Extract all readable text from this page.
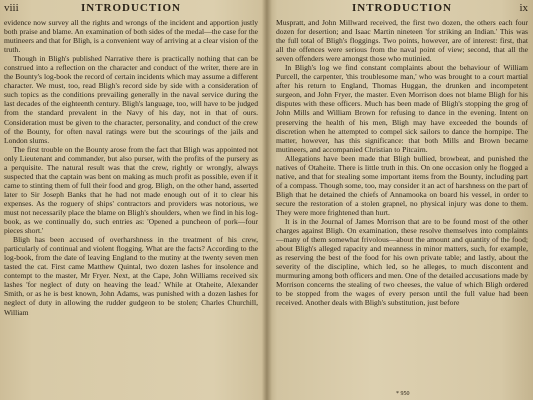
viii	INTRODUCTION

evidence now survey all the rights and wrongs of the incident and apportion justly both praise and blame. An examination of both sides of the medal—the case for the mutineers and that for Bligh, is a convenient way of arriving at a clear vision of the truth.

Though in Bligh's published Narrative there is practically nothing that can be construed into a reflection on the character and conduct of the writer, there are in the Bounty's log-book the record of certain incidents which may assume a different character. We must, too, read Bligh's record side by side with a consideration of such topics as the conditions prevailing generally in the naval service during the last decades of the eighteenth century. Bligh's language, too, will have to be judged from the standard prevalent in the Navy of his day, not in that of ours. Consideration must be given to the character, personality, and conduct of the crew of the Bounty, for often naval ratings were but the scourings of the jails and London slums.

The first trouble on the Bounty arose from the fact that Bligh was appointed not only Lieutenant and commander, but also purser, with the profits of the pursery as a perquisite. The natural result was that the crew, rightly or wrongly, always suspected that the captain was bent on making as much profit as possible, even if it came to stinting them of full their food and grog. Bligh, on the other hand, asserted later to Sir Joseph Banks that he had not made enough out of it to clear his expenses. As the roguery of ships' contractors and providers was notorious, we must not necessarily place the blame on Bligh's shoulders, when we find in his log-book, as we continually do, such entries as: 'Opened a puncheon of pork—four pieces short.'

Bligh has been accused of overharshness in the treatment of his crew, particularly of continual and violent flogging. What are the facts? According to the log-book, from the date of leaving England to the mutiny at the twenty seven men tasted the cat. First came Matthew Quintal, two dozen lashes for insolence and contempt to the master, Mr Fryer. Next, at the Cape, John Williams received six lashes 'for neglect of duty on heaving the lead.' While at Otaheite, Alexander Smith, or as he is best known, John Adams, was punished with a dozen lashes for neglect of duty in allowing the rudder gudgeon to be stolen; Charles Churchill, William

INTRODUCTION	ix

Muspratt, and John Millward received, the first two dozen, the others each four dozen for desertion; and Isaac Martin nineteen 'for striking an Indian.' This was the full total of Bligh's floggings. Two points, however, are of interest: first, that all the offences were serious from the naval point of view; second, that all the seven offenders were amongst those who mutinied.

In Bligh's log we find constant complaints about the behaviour of William Purcell, the carpenter, 'this troublesome man,' who was brought to a court martial after his return to England, Thomas Huggan, the drunken and incompetent surgeon, and John Fryer, the master. Even Morrison does not blame Bligh for his disputes with these officers. Much has been made of Bligh's stopping the grog of John Mills and William Brown for refusing to dance in the evening. Intent on preserving the health of his men, Bligh may have exceeded the bounds of discretion when he attempted to compel sick sailors to dance the hornpipe. The matter, however, has this significance: that both Mills and Brown became mutineers, and accompanied Christian to Pitcairn.

Allegations have been made that Bligh bullied, browbeat, and punished the natives of Otaheite. There is little truth in this. On one occasion only he flogged a native, and that for stealing some important items from the Bounty, including part of a compass. Though some, too, may consider it an act of harshness on the part of Bligh that he detained the chiefs of Annamooka on board his vessel, in order to secure the restoration of a stolen grapnel, no physical injury was done to them. They were more frightened than hurt.

It is in the Journal of James Morrison that are to be found most of the other charges against Bligh. On examination, these resolve themselves into complaints—many of them somewhat frivolous—about the amount and quantity of the food; about Bligh's alleged rapacity and meanness in minor matters, such, for example, as reserving the best of the food for his own private table; and lastly, about the severity of the discipline, which led, so he alleges, to much discontent and murmuring among both officers and men. One of the detailed accusations made by Morrison concerns the stealing of two cheeses, the value of which Bligh ordered to be stopped from the wages of every person until the full value had been received. Another deals with Bligh's substitution, just before

* 950
